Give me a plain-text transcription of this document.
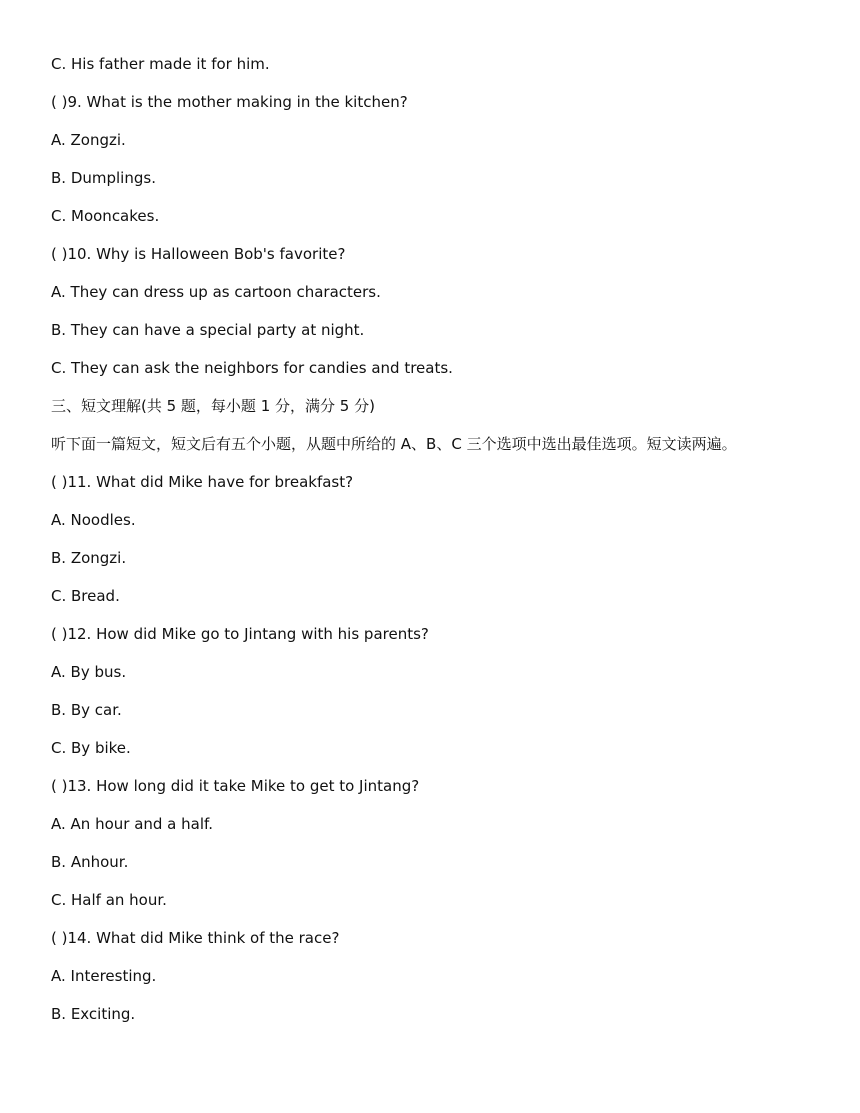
C. His father made it for him.
( )9. What is the mother making in the kitchen?
A. Zongzi.
B. Dumplings.
C. Mooncakes.
( )10. Why is Halloween Bob's favorite?
A. They can dress up as cartoon characters.
B. They can have a special party at night.
C. They can ask the neighbors for candies and treats.
三、短文理解(共 5 题，每小题 1 分，满分 5 分)
听下面一篇短文，短文后有五个小题，从题中所给的 A、B、C 三个选项中选出最佳选项。短文读两遍。
( )11. What did Mike have for breakfast?
A. Noodles.
B. Zongzi.
C. Bread.
( )12. How did Mike go to Jintang with his parents?
A. By bus.
B. By car.
C. By bike.
( )13. How long did it take Mike to get to Jintang?
A. An hour and a half.
B. Anhour.
C. Half an hour.
( )14. What did Mike think of the race?
A. Interesting.
B. Exciting.
